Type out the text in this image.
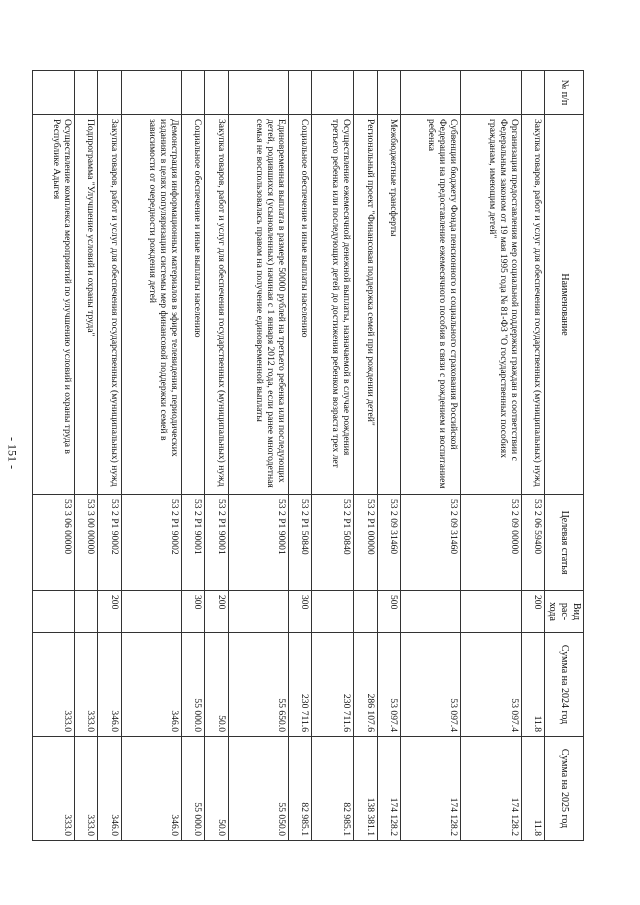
- 151 -
№ п/п	Наименование	Целевая статья	Вид рас- хода	Сумма на 2024 год	Сумма на 2025 год
	Закупка товаров, работ и услуг для обеспечения государственных (муниципальных) нужд	53 2 06 59400	200	11.8	11.8
	Организация предоставления мер социальной поддержки граждан в соответствии с Федеральным законом от 19 мая 1995 года № 81-ФЗ "О государственных пособиях гражданам, имеющим детей"	53 2 09 00000		53 097.4	174 128.2
	Субвенции бюджету Фонда пенсионного и социального страхования Российской Федерации на предоставление ежемесячного пособия в связи с рождением и воспитанием ребенка	53 2 09 31460		53 097.4	174 128.2
	Межбюджетные трансферты	53 2 09 31460	500	53 097.4	174 128.2
	Региональный проект "Финансовая поддержка семей при рождении детей"	53 2 P1 00000		286 107.6	138 381.1
	Осуществление ежемесячной денежной выплаты, назначаемой в случае рождения третьего ребенка или последующих детей до достижения ребенком возраста трех лет	53 2 P1 50840		230 711.6	82 985.1
	Социальное обеспечение и иные выплаты населению	53 2 P1 50840	300	230 711.6	82 985.1
	Единовременная выплата в размере 50000 рублей на третьего ребенка или последующих детей, родившихся (усыновленных) начиная с 1 января 2012 года, если ранее многодетная семья не воспользовалась правом на получение единовременной выплаты	53 2 P1 90001		55 650.0	55 050.0
	Закупка товаров, работ и услуг для обеспечения государственных (муниципальных) нужд	53 2 P1 90001	200	50.0	50.0
	Социальное обеспечение и иные выплаты населению	53 2 P1 90001	300	55 000.0	55 000.0
	Демонстрация информационных материалов в эфире телевидения, периодических изданиях в целях популяризации системы мер финансовой поддержки семей в зависимости от очередности рождения детей	53 2 P1 90002		346.0	346.0
	Закупка товаров, работ и услуг для обеспечения государственных (муниципальных) нужд	53 2 P1 90002	200	346.0	346.0
	Подпрограмма "Улучшение условий и охраны труда"	53 3 00 00000		333.0	333.0
	Осуществление комплекса мероприятий по улучшению условий и охраны труда в Республике Адыгея	53 3 06 00000		333.0	333.0
